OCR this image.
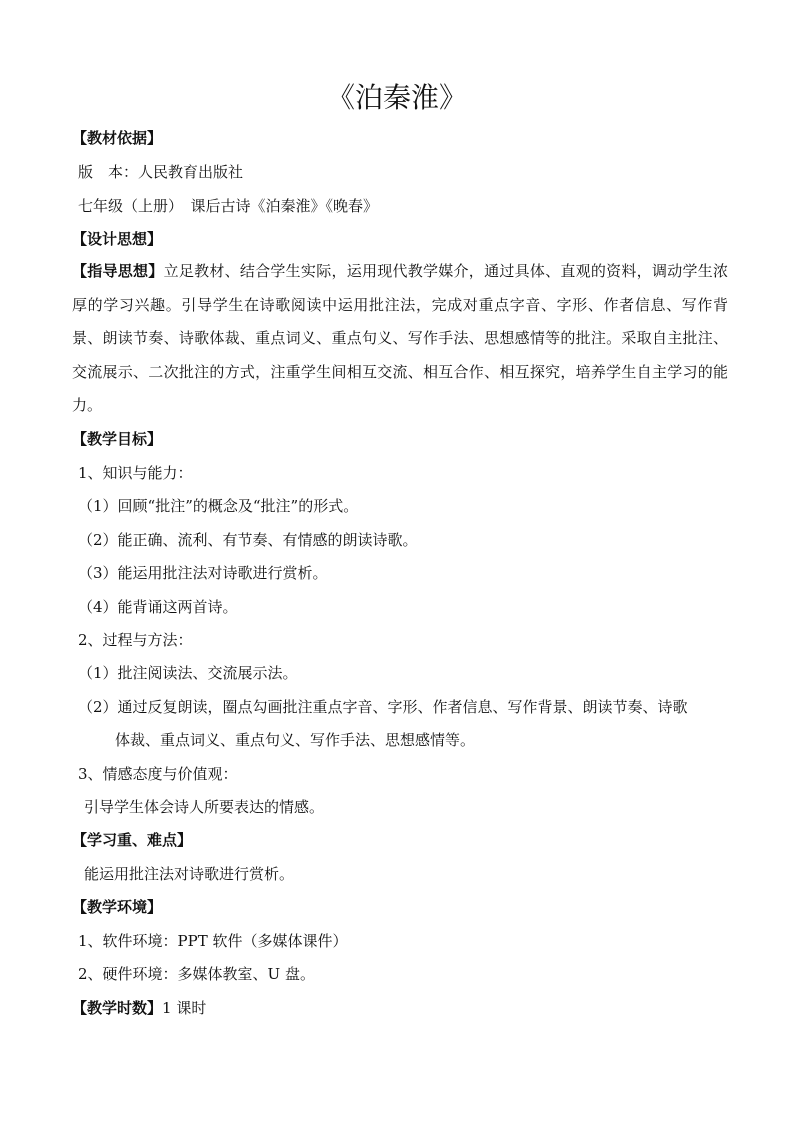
《泊秦淮》
【教材依据】
版　本：人民教育出版社
七年级（上册）　课后古诗《泊秦淮》《晚春》
【设计思想】

【指导思想】立足教材、结合学生实际，运用现代教学媒介，通过具体、直观的资料，调动学生浓厚的学习兴趣。引导学生在诗歌阅读中运用批注法，完成对重点字音、字形、作者信息、写作背景、朗读节奏、诗歌体裁、重点词义、重点句义、写作手法、思想感情等的批注。采取自主批注、交流展示、二次批注的方式，注重学生间相互交流、相互合作、相互探究，培养学生自主学习的能力。

【教学目标】
1、知识与能力：
（1）回顾“批注”的概念及“批注”的形式。
（2）能正确、流利、有节奏、有情感的朗读诗歌。
（3）能运用批注法对诗歌进行赏析。
（4）能背诵这两首诗。
2、过程与方法：
（1）批注阅读法、交流展示法。
（2）通过反复朗读，圈点勾画批注重点字音、字形、作者信息、写作背景、朗读节奏、诗歌
体裁、重点词义、重点句义、写作手法、思想感情等。
3、情感态度与价值观：
引导学生体会诗人所要表达的情感。
【学习重、难点】
能运用批注法对诗歌进行赏析。
【教学环境】
1、软件环境：PPT 软件（多媒体课件）
2、硬件环境：多媒体教室、U 盘。
【教学时数】1 课时
